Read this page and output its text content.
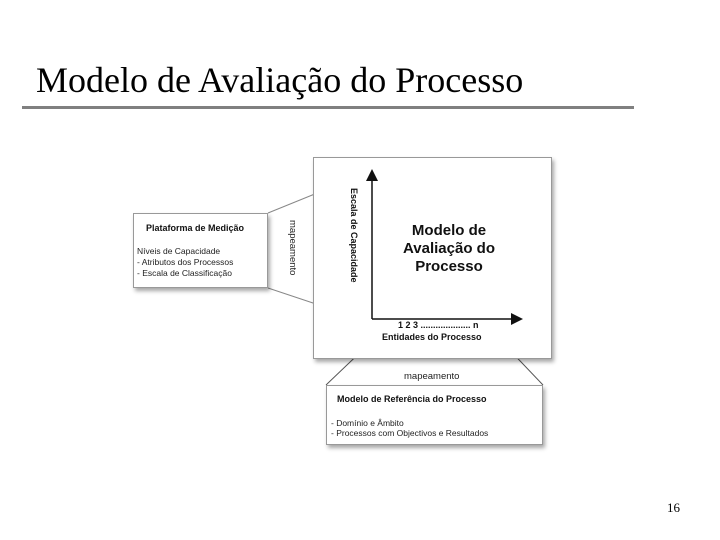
Modelo de Avaliação do Processo
Plataforma de Medição
Níveis de Capacidade
- Atributos dos Processos
- Escala de Classificação	mapeamento	Escala de Capacidade	Modelo de
Avaliação do
Processo
1 2 3 .................... n
Entidades do Processo
mapeamento
Modelo de Referência do Processo
- Domínio e Âmbito
- Processos com Objectivos e Resultados
16
